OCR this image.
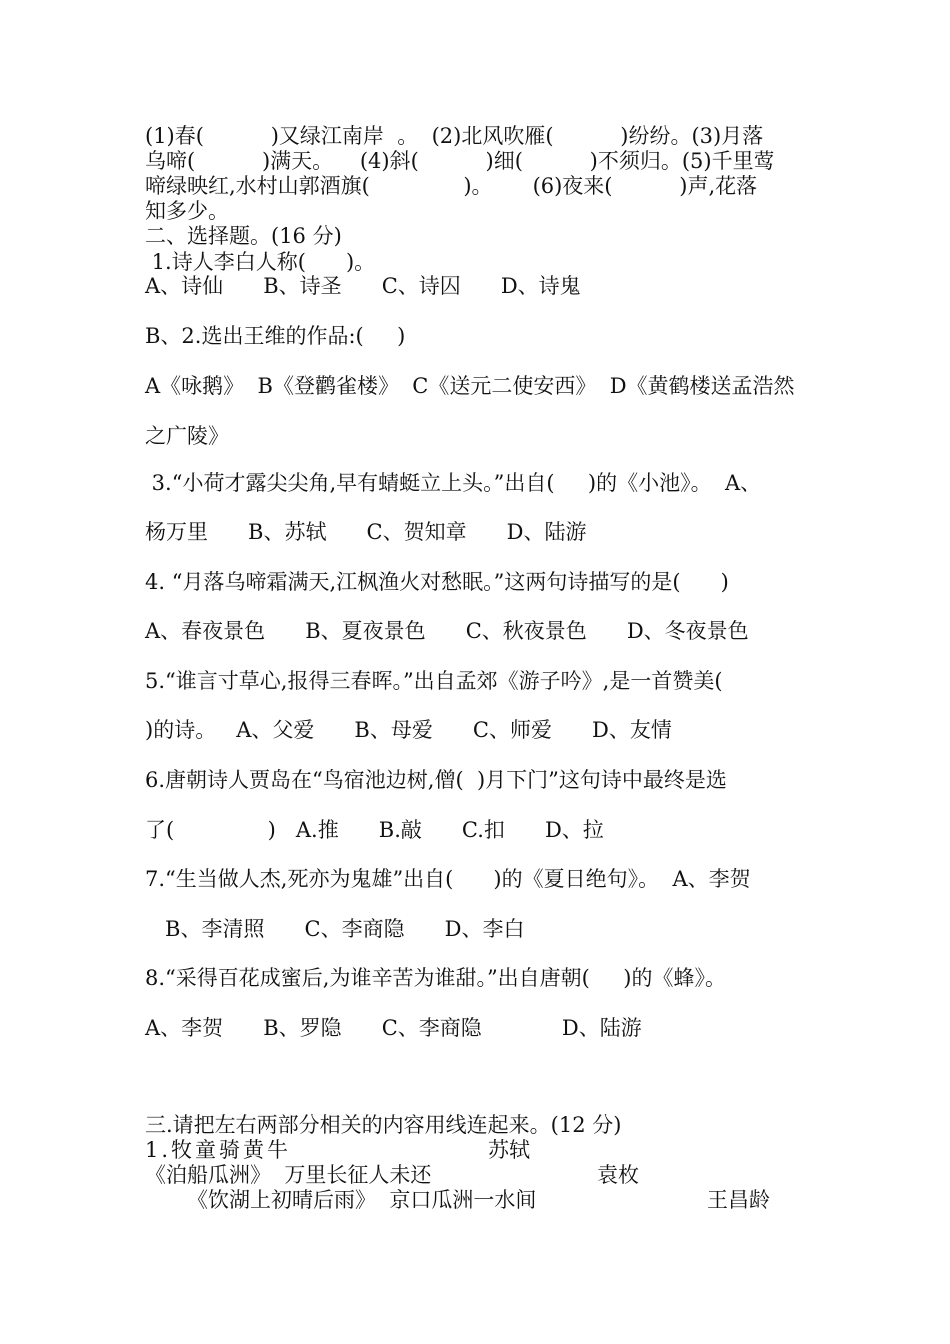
(1)春(          )又绿江南岸  。  (2)北风吹雁(          )纷纷。(3)月落
乌啼(          )满天。    (4)斜(          )细(          )不须归。(5)千里莺
啼绿映红,水村山郭酒旗(              )。      (6)夜来(          )声,花落
知多少。
二、选择题。(16 分)
1.诗人李白人称(      )。
A、诗仙      B、诗圣      C、诗囚      D、诗鬼
B、2.选出王维的作品:(     )
A《咏鹅》  B《登鹳雀楼》  C《送元二使安西》  D《黄鹤楼送孟浩然
之广陵》
3.“小荷才露尖尖角,早有蜻蜓立上头。”出自(     )的《小池》。  A、
杨万里      B、苏轼      C、贺知章      D、陆游
4. “月落乌啼霜满天,江枫渔火对愁眠。”这两句诗描写的是(      )
A、春夜景色      B、夏夜景色      C、秋夜景色      D、冬夜景色
5.“谁言寸草心,报得三春晖。”出自孟郊《游子吟》,是一首赞美(
)的诗。   A、父爱      B、母爱      C、师爱      D、友情
6.唐朝诗人贾岛在“鸟宿池边树,僧(  )月下门”这句诗中最终是选
了(              )   A.推      B.敲      C.扣      D、拉
7.“生当做人杰,死亦为鬼雄”出自(      )的《夏日绝句》。  A、李贺
B、李清照      C、李商隐      D、李白
8.“采得百花成蜜后,为谁辛苦为谁甜。”出自唐朝(     )的《蜂》。
A、李贺      B、罗隐      C、李商隐            D、陆游
三.请把左右两部分相关的内容用线连起来。(12 分)
1.牧童骑黄牛	苏轼
《泊船瓜洲》  万里长征人未还	袁枚
《饮湖上初晴后雨》  京口瓜洲一水间	王昌龄
